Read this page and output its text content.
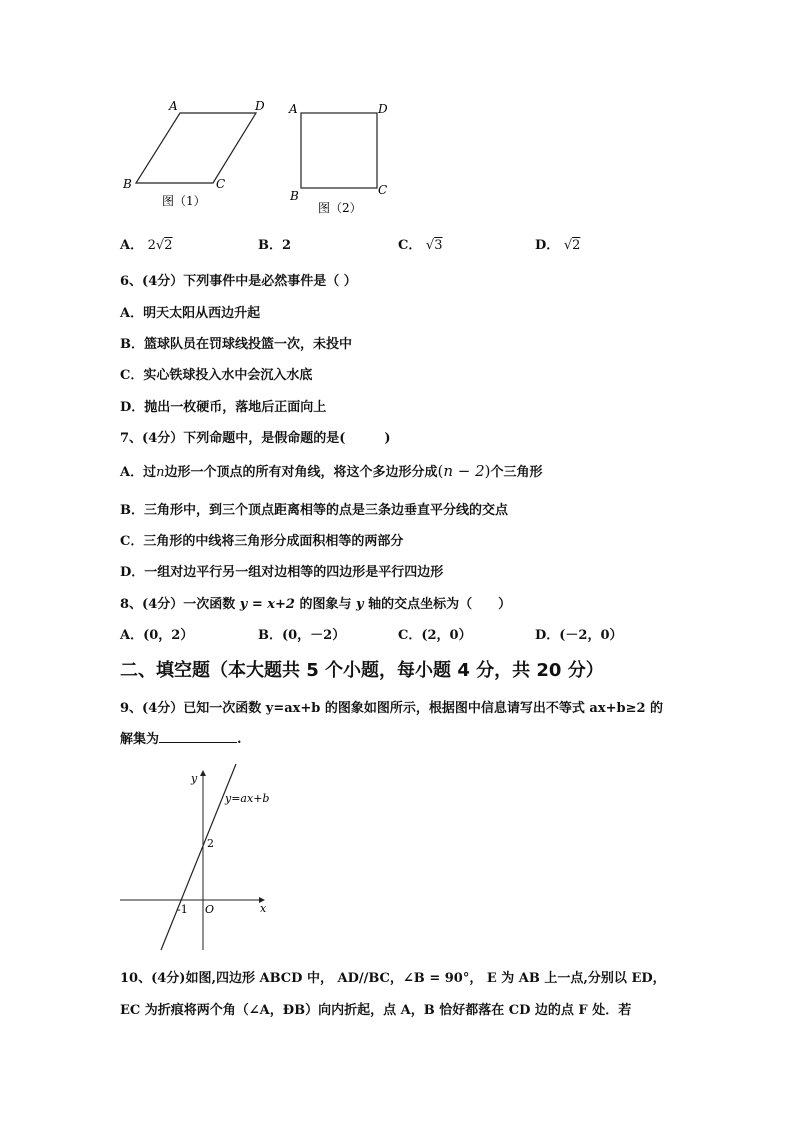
A	D
B	C
图（1）
A	D
B	C
图（2）
A． 2√2	B．2	C． √3	D． √2
6、(4分）下列事件中是必然事件是（ ）
A．明天太阳从西边升起
B．篮球队员在罚球线投篮一次，未投中
C．实心铁球投入水中会沉入水底
D．抛出一枚硬币，落地后正面向上
7、(4分）下列命题中，是假命题的是(　　　)
A．过n边形一个顶点的所有对角线，将这个多边形分成(n − 2)个三角形
B．三角形中，到三个顶点距离相等的点是三条边垂直平分线的交点
C．三角形的中线将三角形分成面积相等的两部分
D．一组对边平行另一组对边相等的四边形是平行四边形
8、(4分）一次函数 y = x+2 的图象与 y 轴的交点坐标为（　　）
A．(0，2）	B．(0，－2）	C．(2，0）	D．(－2，0）
二、填空题（本大题共 5 个小题，每小题 4 分，共 20 分）
9、(4分）已知一次函数 y=ax+b 的图象如图所示，根据图中信息请写出不等式 ax+b≥2 的
解集为	.
y
x
O
y=ax+b
2
-1
10、(4分)如图,四边形 ABCD 中， AD//BC，∠B = 90°， E 为 AB 上一点,分别以 ED，
EC 为折痕将两个角（∠A，ÐB）向内折起，点 A，B 恰好都落在 CD 边的点 F 处．若
